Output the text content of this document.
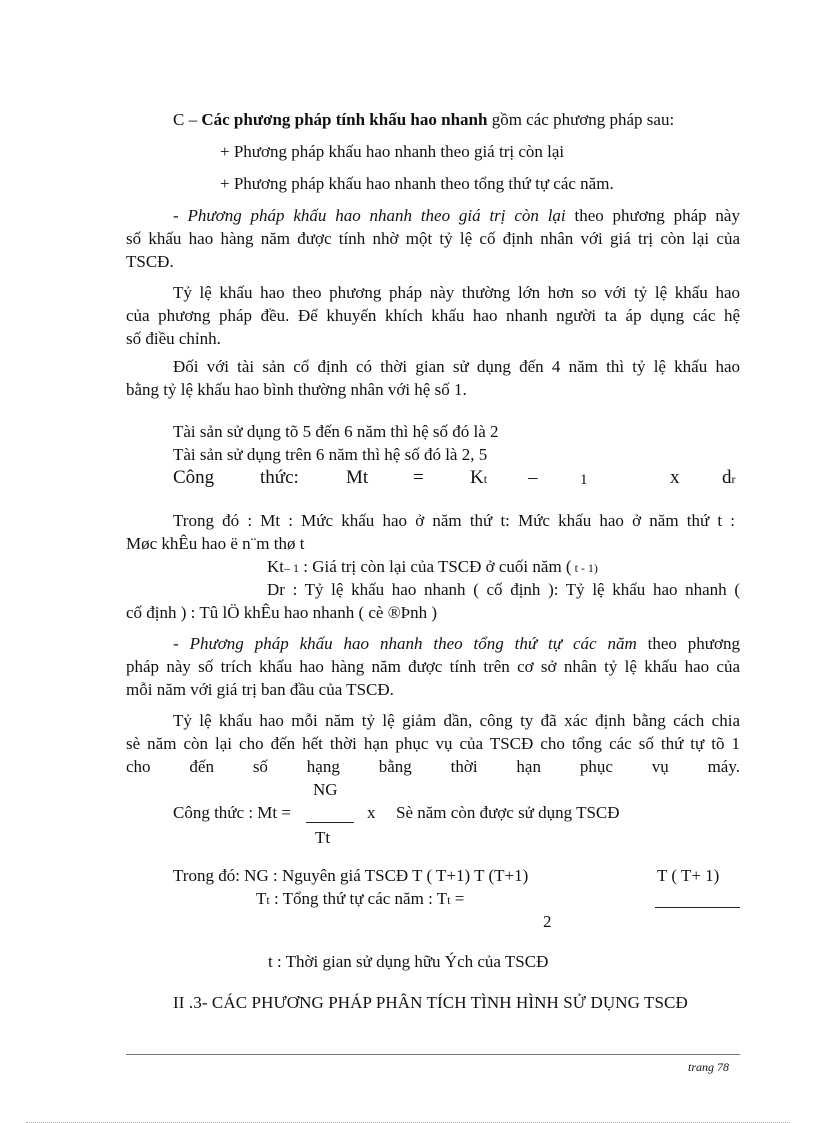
C – Các phương pháp tính khấu hao nhanh gồm các phương pháp sau:
+ Phương pháp khấu hao nhanh theo giá trị còn lại
+ Phương pháp khấu hao nhanh theo tổng thứ tự các năm.
- Phương pháp khấu hao nhanh theo giá trị còn lại theo phương pháp này
số khấu hao hàng năm được tính nhờ một tỷ lệ cố định nhân với giá trị còn lại của
TSCĐ.
Tỷ lệ khấu hao theo phương pháp này thường lớn hơn so với tỷ lệ khấu hao
của phương pháp đều. Để khuyến khích khấu hao nhanh người ta áp dụng các hệ
số điều chỉnh.
Đối với tài sản cố định có thời gian sử dụng đến 4 năm thì tỷ lệ khấu hao
bằng tỷ lệ khấu hao bình thường nhân với hệ số 1.
Tài sản sử dụng tõ 5 đến 6 năm thì hệ số đó là 2
Tài sản sử dụng trên 6 năm thì hệ số đó là 2, 5
Công thức: Mt = Kt –	1	x dr
Trong đó : Mt : Mức khấu hao ở năm thứ t: Mức khấu hao ở năm thứ t :
Møc khÊu hao ë n¨m thø t
Kt– 1 : Giá trị còn lại của TSCĐ ở cuối năm ( t - 1)
Dr : Tỷ lệ khấu hao nhanh ( cố định ): Tỷ lệ khấu hao nhanh (
cố định ) : Tû lÖ khÊu hao nhanh ( cè ®Þnh )
- Phương pháp khấu hao nhanh theo tổng thứ tự các năm theo phương
pháp này số trích khấu hao hàng năm được tính trên cơ sở nhân tỷ lệ khấu hao của
mỗi năm với giá trị ban đầu của TSCĐ.
Tỷ lệ khấu hao mỗi năm tỷ lệ giảm dần, công ty đã xác định bằng cách chia
sè năm còn lại cho đến hết thời hạn phục vụ của TSCĐ cho tổng các số thứ tự tõ 1
cho đến số hạng bằng thời hạn phục vụ máy.
NG
Công thức : Mt =	x Sè năm còn được sử dụng TSCĐ
Tt
Trong đó: NG : Nguyên giá TSCĐ T ( T+1) T (T+1)	T ( T+ 1)
Tt : Tổng thứ tự các năm : Tt =
2
t : Thời gian sử dụng hữu Ých của TSCĐ
II .3- CÁC PHƯƠNG PHÁP PHÂN TÍCH TÌNH HÌNH SỬ DỤNG TSCĐ
trang 78
